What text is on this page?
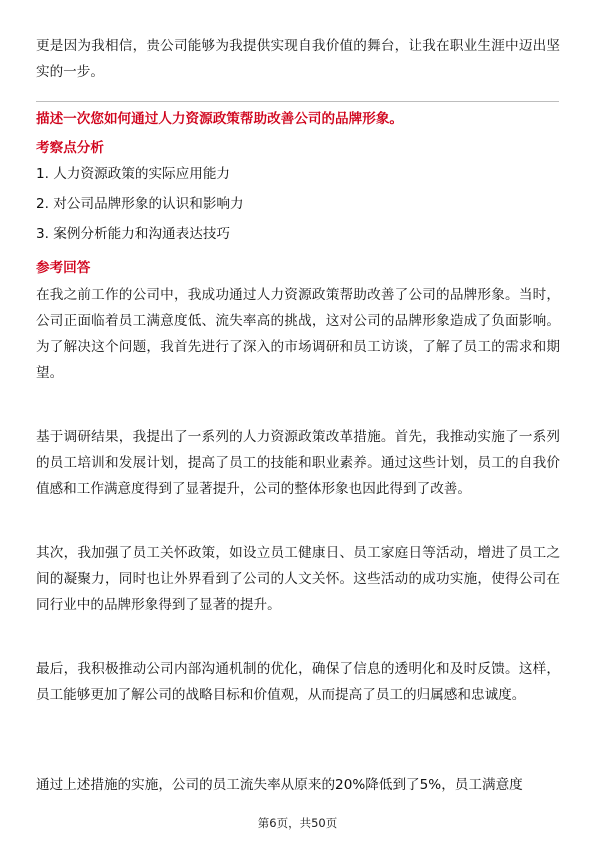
更是因为我相信，贵公司能够为我提供实现自我价值的舞台，让我在职业生涯中迈出坚实的一步。

描述一次您如何通过人力资源政策帮助改善公司的品牌形象。

考察点分析

1. 人力资源政策的实际应用能力

2. 对公司品牌形象的认识和影响力

3. 案例分析能力和沟通表达技巧

参考回答

在我之前工作的公司中，我成功通过人力资源政策帮助改善了公司的品牌形象。当时，公司正面临着员工满意度低、流失率高的挑战，这对公司的品牌形象造成了负面影响。为了解决这个问题，我首先进行了深入的市场调研和员工访谈，了解了员工的需求和期望。

基于调研结果，我提出了一系列的人力资源政策改革措施。首先，我推动实施了一系列的员工培训和发展计划，提高了员工的技能和职业素养。通过这些计划，员工的自我价值感和工作满意度得到了显著提升，公司的整体形象也因此得到了改善。

其次，我加强了员工关怀政策，如设立员工健康日、员工家庭日等活动，增进了员工之间的凝聚力，同时也让外界看到了公司的人文关怀。这些活动的成功实施，使得公司在同行业中的品牌形象得到了显著的提升。

最后，我积极推动公司内部沟通机制的优化，确保了信息的透明化和及时反馈。这样，员工能够更加了解公司的战略目标和价值观，从而提高了员工的归属感和忠诚度。

通过上述措施的实施，公司的员工流失率从原来的20%降低到了5%，员工满意度

第6页，共50页
